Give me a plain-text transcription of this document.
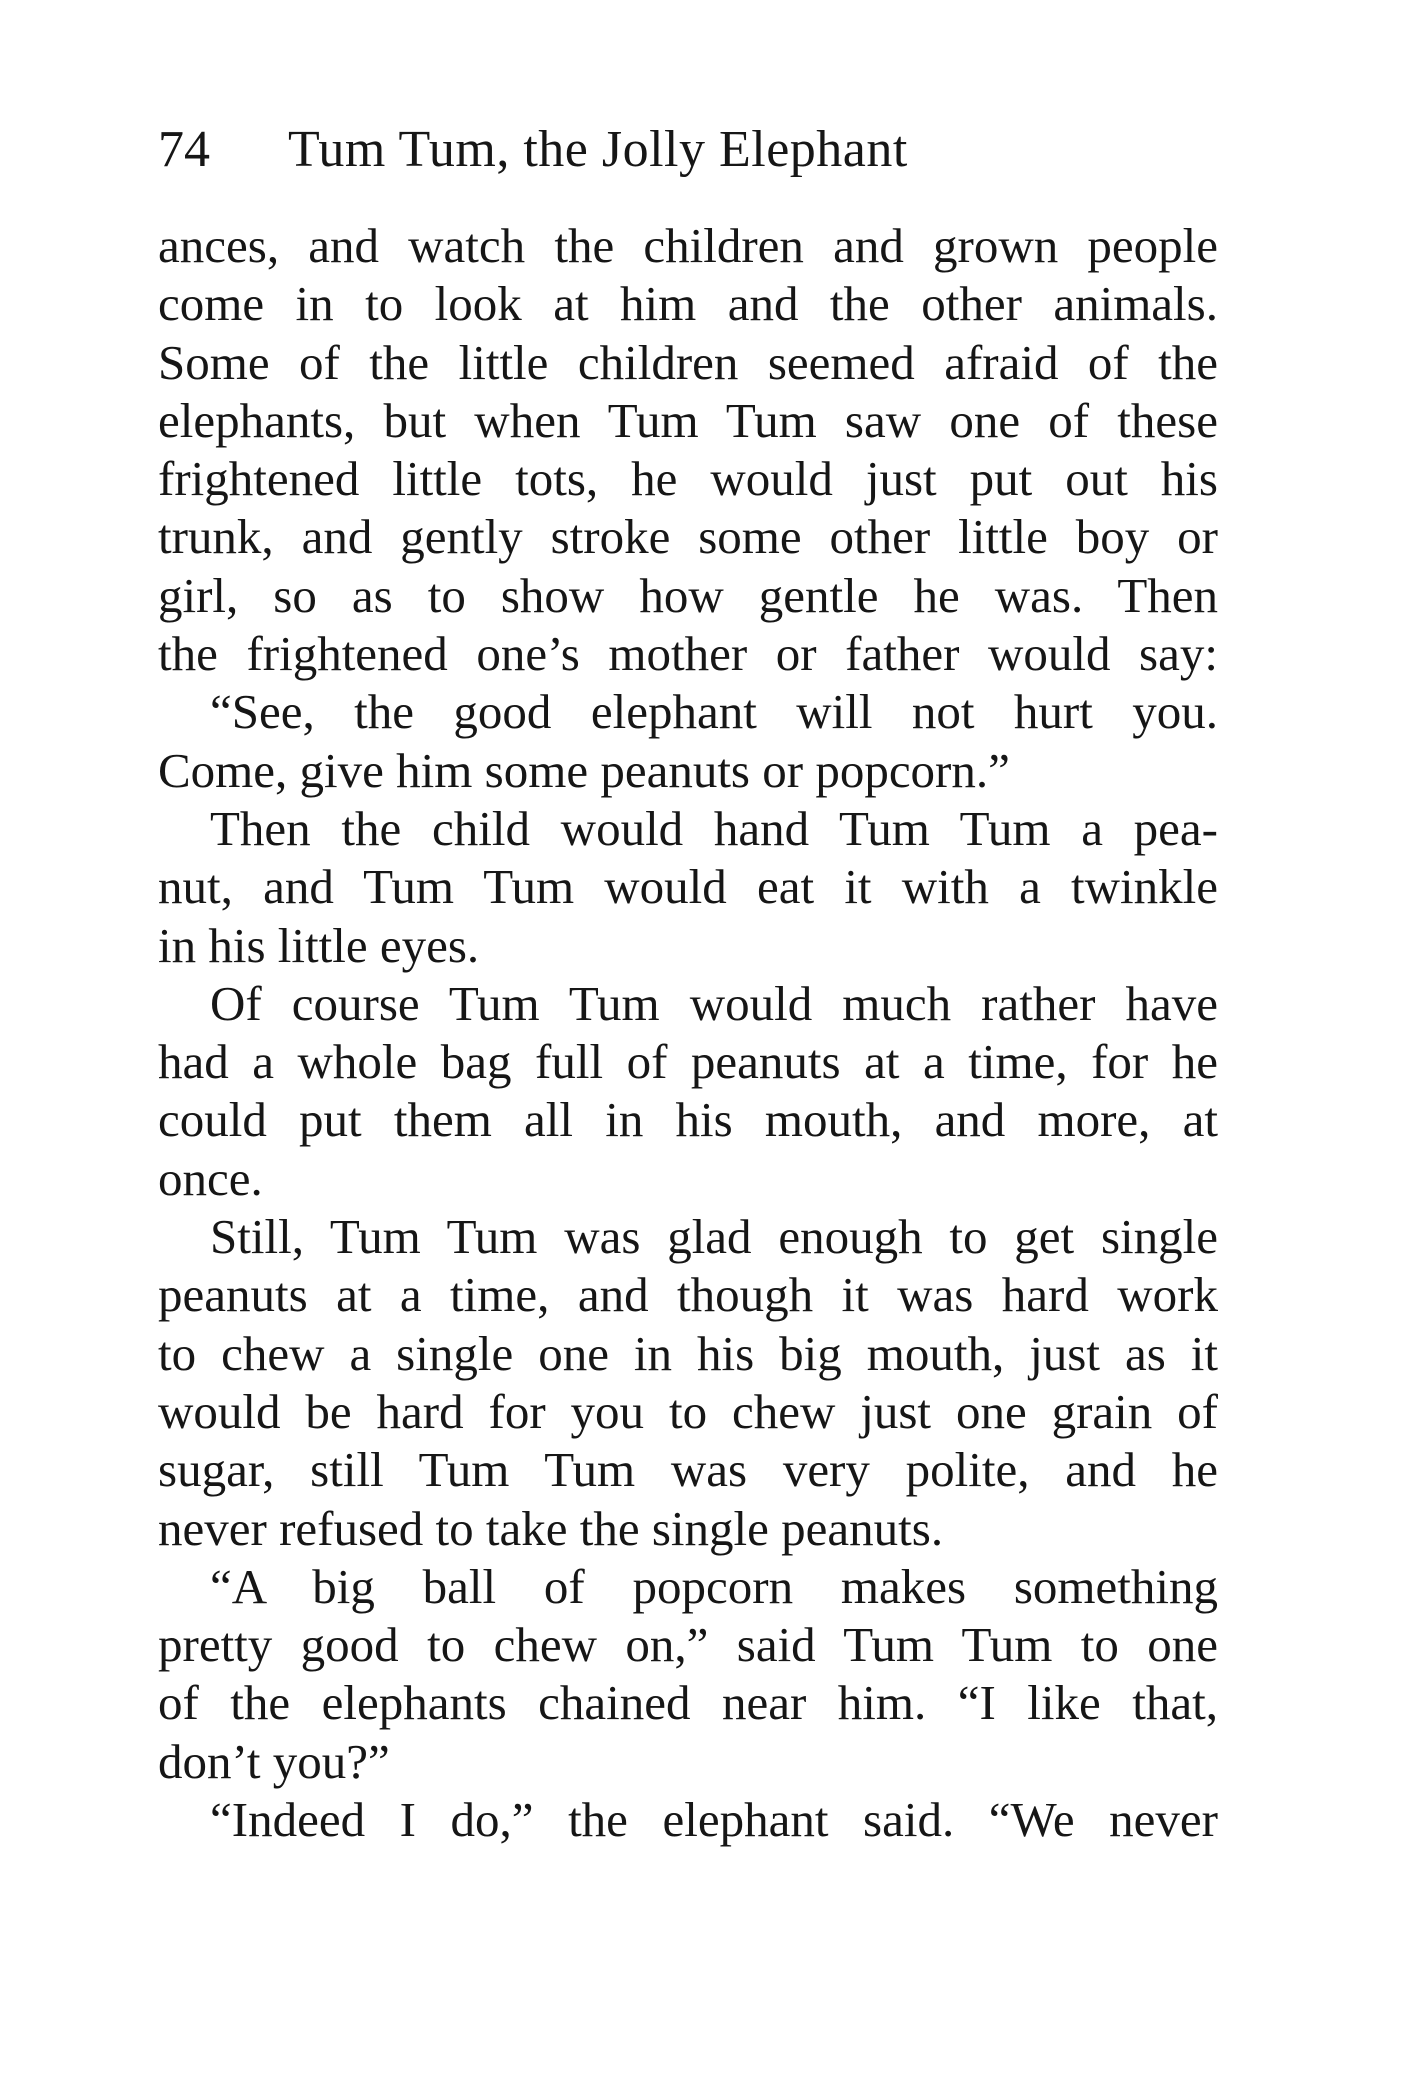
74 Tum Tum, the Jolly Elephant
ances, and watch the children and grown people
come in to look at him and the other animals.
Some of the little children seemed afraid of the
elephants, but when Tum Tum saw one of these
frightened little tots, he would just put out his
trunk, and gently stroke some other little boy or
girl, so as to show how gentle he was. Then
the frightened one’s mother or father would say:
“See, the good elephant will not hurt you.
Come, give him some peanuts or popcorn.”
Then the child would hand Tum Tum a pea-
nut, and Tum Tum would eat it with a twinkle
in his little eyes.
Of course Tum Tum would much rather have
had a whole bag full of peanuts at a time, for he
could put them all in his mouth, and more, at
once.
Still, Tum Tum was glad enough to get single
peanuts at a time, and though it was hard work
to chew a single one in his big mouth, just as it
would be hard for you to chew just one grain of
sugar, still Tum Tum was very polite, and he
never refused to take the single peanuts.
“A big ball of popcorn makes something
pretty good to chew on,” said Tum Tum to one
of the elephants chained near him. “I like that,
don’t you?”
“Indeed I do,” the elephant said. “We never
